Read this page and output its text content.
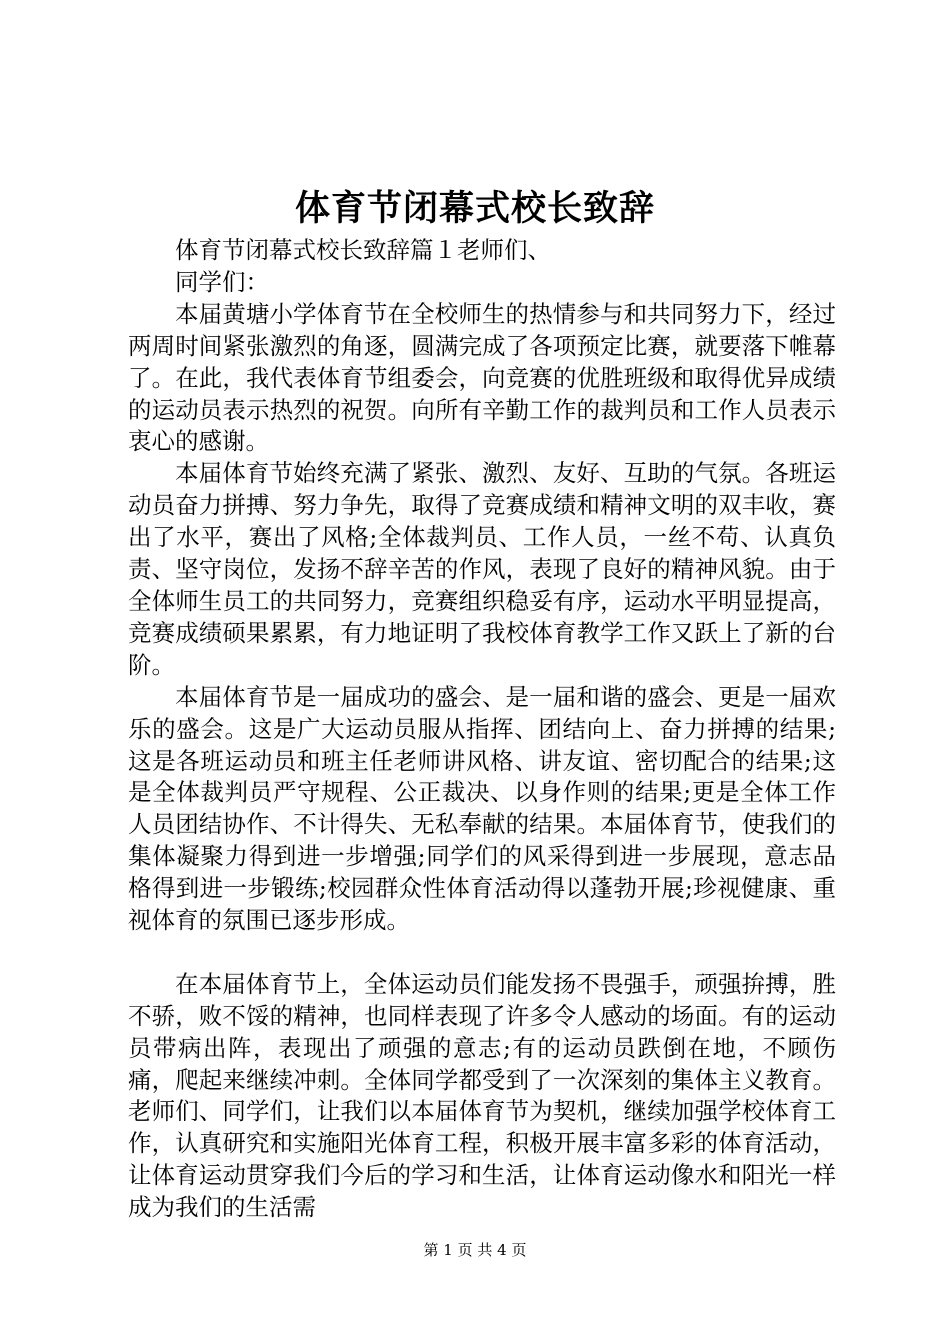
体育节闭幕式校长致辞

体育节闭幕式校长致辞篇１老师们、

同学们：

本届黄塘小学体育节在全校师生的热情参与和共同努力下，经过两周时间紧张激烈的角逐，圆满完成了各项预定比赛，就要落下帷幕了。在此，我代表体育节组委会，向竞赛的优胜班级和取得优异成绩的运动员表示热烈的祝贺。向所有辛勤工作的裁判员和工作人员表示衷心的感谢。

本届体育节始终充满了紧张、激烈、友好、互助的气氛。各班运动员奋力拼搏、努力争先，取得了竞赛成绩和精神文明的双丰收，赛出了水平，赛出了风格;全体裁判员、工作人员，一丝不苟、认真负责、坚守岗位，发扬不辞辛苦的作风，表现了良好的精神风貌。由于全体师生员工的共同努力，竞赛组织稳妥有序，运动水平明显提高，竞赛成绩硕果累累，有力地证明了我校体育教学工作又跃上了新的台阶。

本届体育节是一届成功的盛会、是一届和谐的盛会、更是一届欢乐的盛会。这是广大运动员服从指挥、团结向上、奋力拼搏的结果;这是各班运动员和班主任老师讲风格、讲友谊、密切配合的结果;这是全体裁判员严守规程、公正裁决、以身作则的结果;更是全体工作人员团结协作、不计得失、无私奉献的结果。本届体育节，使我们的集体凝聚力得到进一步增强;同学们的风采得到进一步展现，意志品格得到进一步锻练;校园群众性体育活动得以蓬勃开展;珍视健康、重视体育的氛围已逐步形成。

在本届体育节上，全体运动员们能发扬不畏强手，顽强拚搏，胜不骄，败不馁的精神，也同样表现了许多令人感动的场面。有的运动员带病出阵，表现出了顽强的意志;有的运动员跌倒在地，不顾伤痛，爬起来继续冲刺。全体同学都受到了一次深刻的集体主义教育。老师们、同学们，让我们以本届体育节为契机，继续加强学校体育工作，认真研究和实施阳光体育工程，积极开展丰富多彩的体育活动，让体育运动贯穿我们今后的学习和生活，让体育运动像水和阳光一样成为我们的生活需

第 1 页 共 4 页
